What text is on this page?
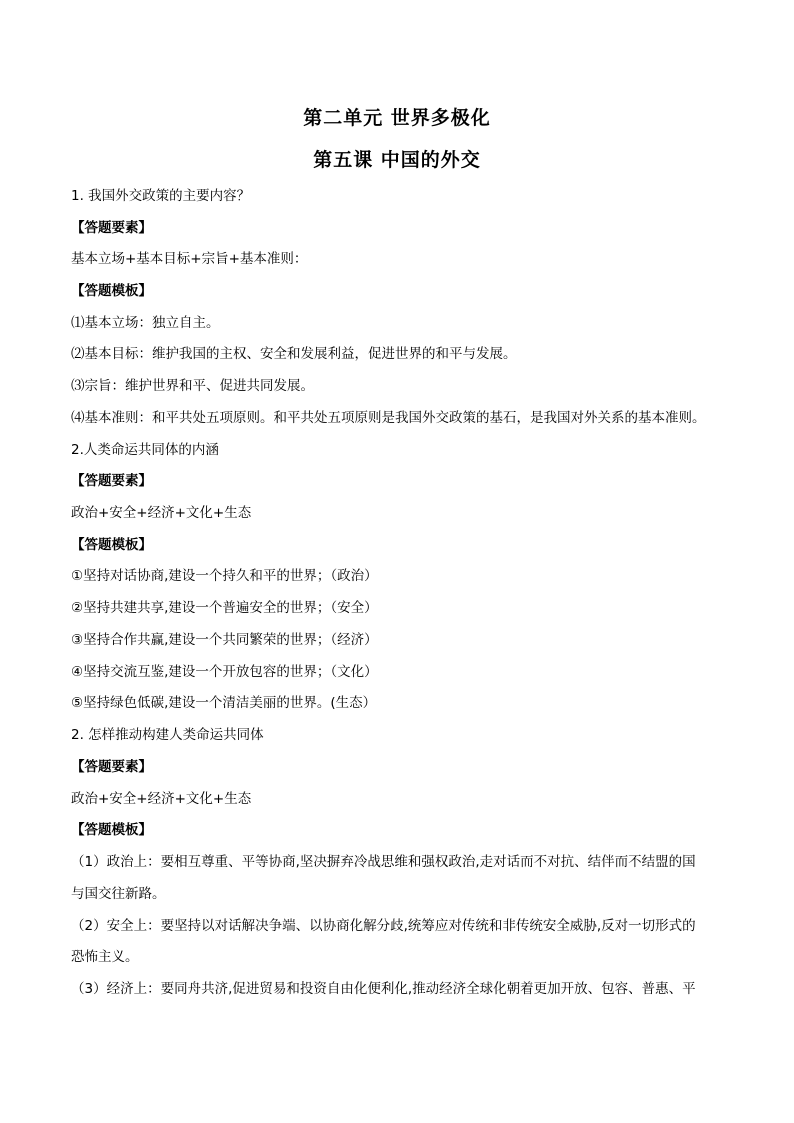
第二单元 世界多极化
第五课 中国的外交
1. 我国外交政策的主要内容？
【答题要素】
基本立场+基本目标+宗旨+基本准则：
【答题模板】
⑴基本立场：独立自主。
⑵基本目标：维护我国的主权、安全和发展利益，促进世界的和平与发展。
⑶宗旨：维护世界和平、促进共同发展。
⑷基本准则：和平共处五项原则。和平共处五项原则是我国外交政策的基石，是我国对外关系的基本准则。
2.人类命运共同体的内涵
【答题要素】
政治+安全+经济+文化+生态
【答题模板】
①坚持对话协商,建设一个持久和平的世界；（政治）
②坚持共建共享,建设一个普遍安全的世界；（安全）
③坚持合作共赢,建设一个共同繁荣的世界；（经济）
④坚持交流互鉴,建设一个开放包容的世界；（文化）
⑤坚持绿色低碳,建设一个清洁美丽的世界。(生态）
2. 怎样推动构建人类命运共同体
【答题要素】
政治+安全+经济+文化+生态
【答题模板】
（1）政治上：要相互尊重、平等协商,坚决摒弃冷战思维和强权政治,走对话而不对抗、结伴而不结盟的国
与国交往新路。
（2）安全上：要坚持以对话解决争端、以协商化解分歧,统筹应对传统和非传统安全威胁,反对一切形式的
恐怖主义。
（3）经济上：要同舟共济,促进贸易和投资自由化便利化,推动经济全球化朝着更加开放、包容、普惠、平
